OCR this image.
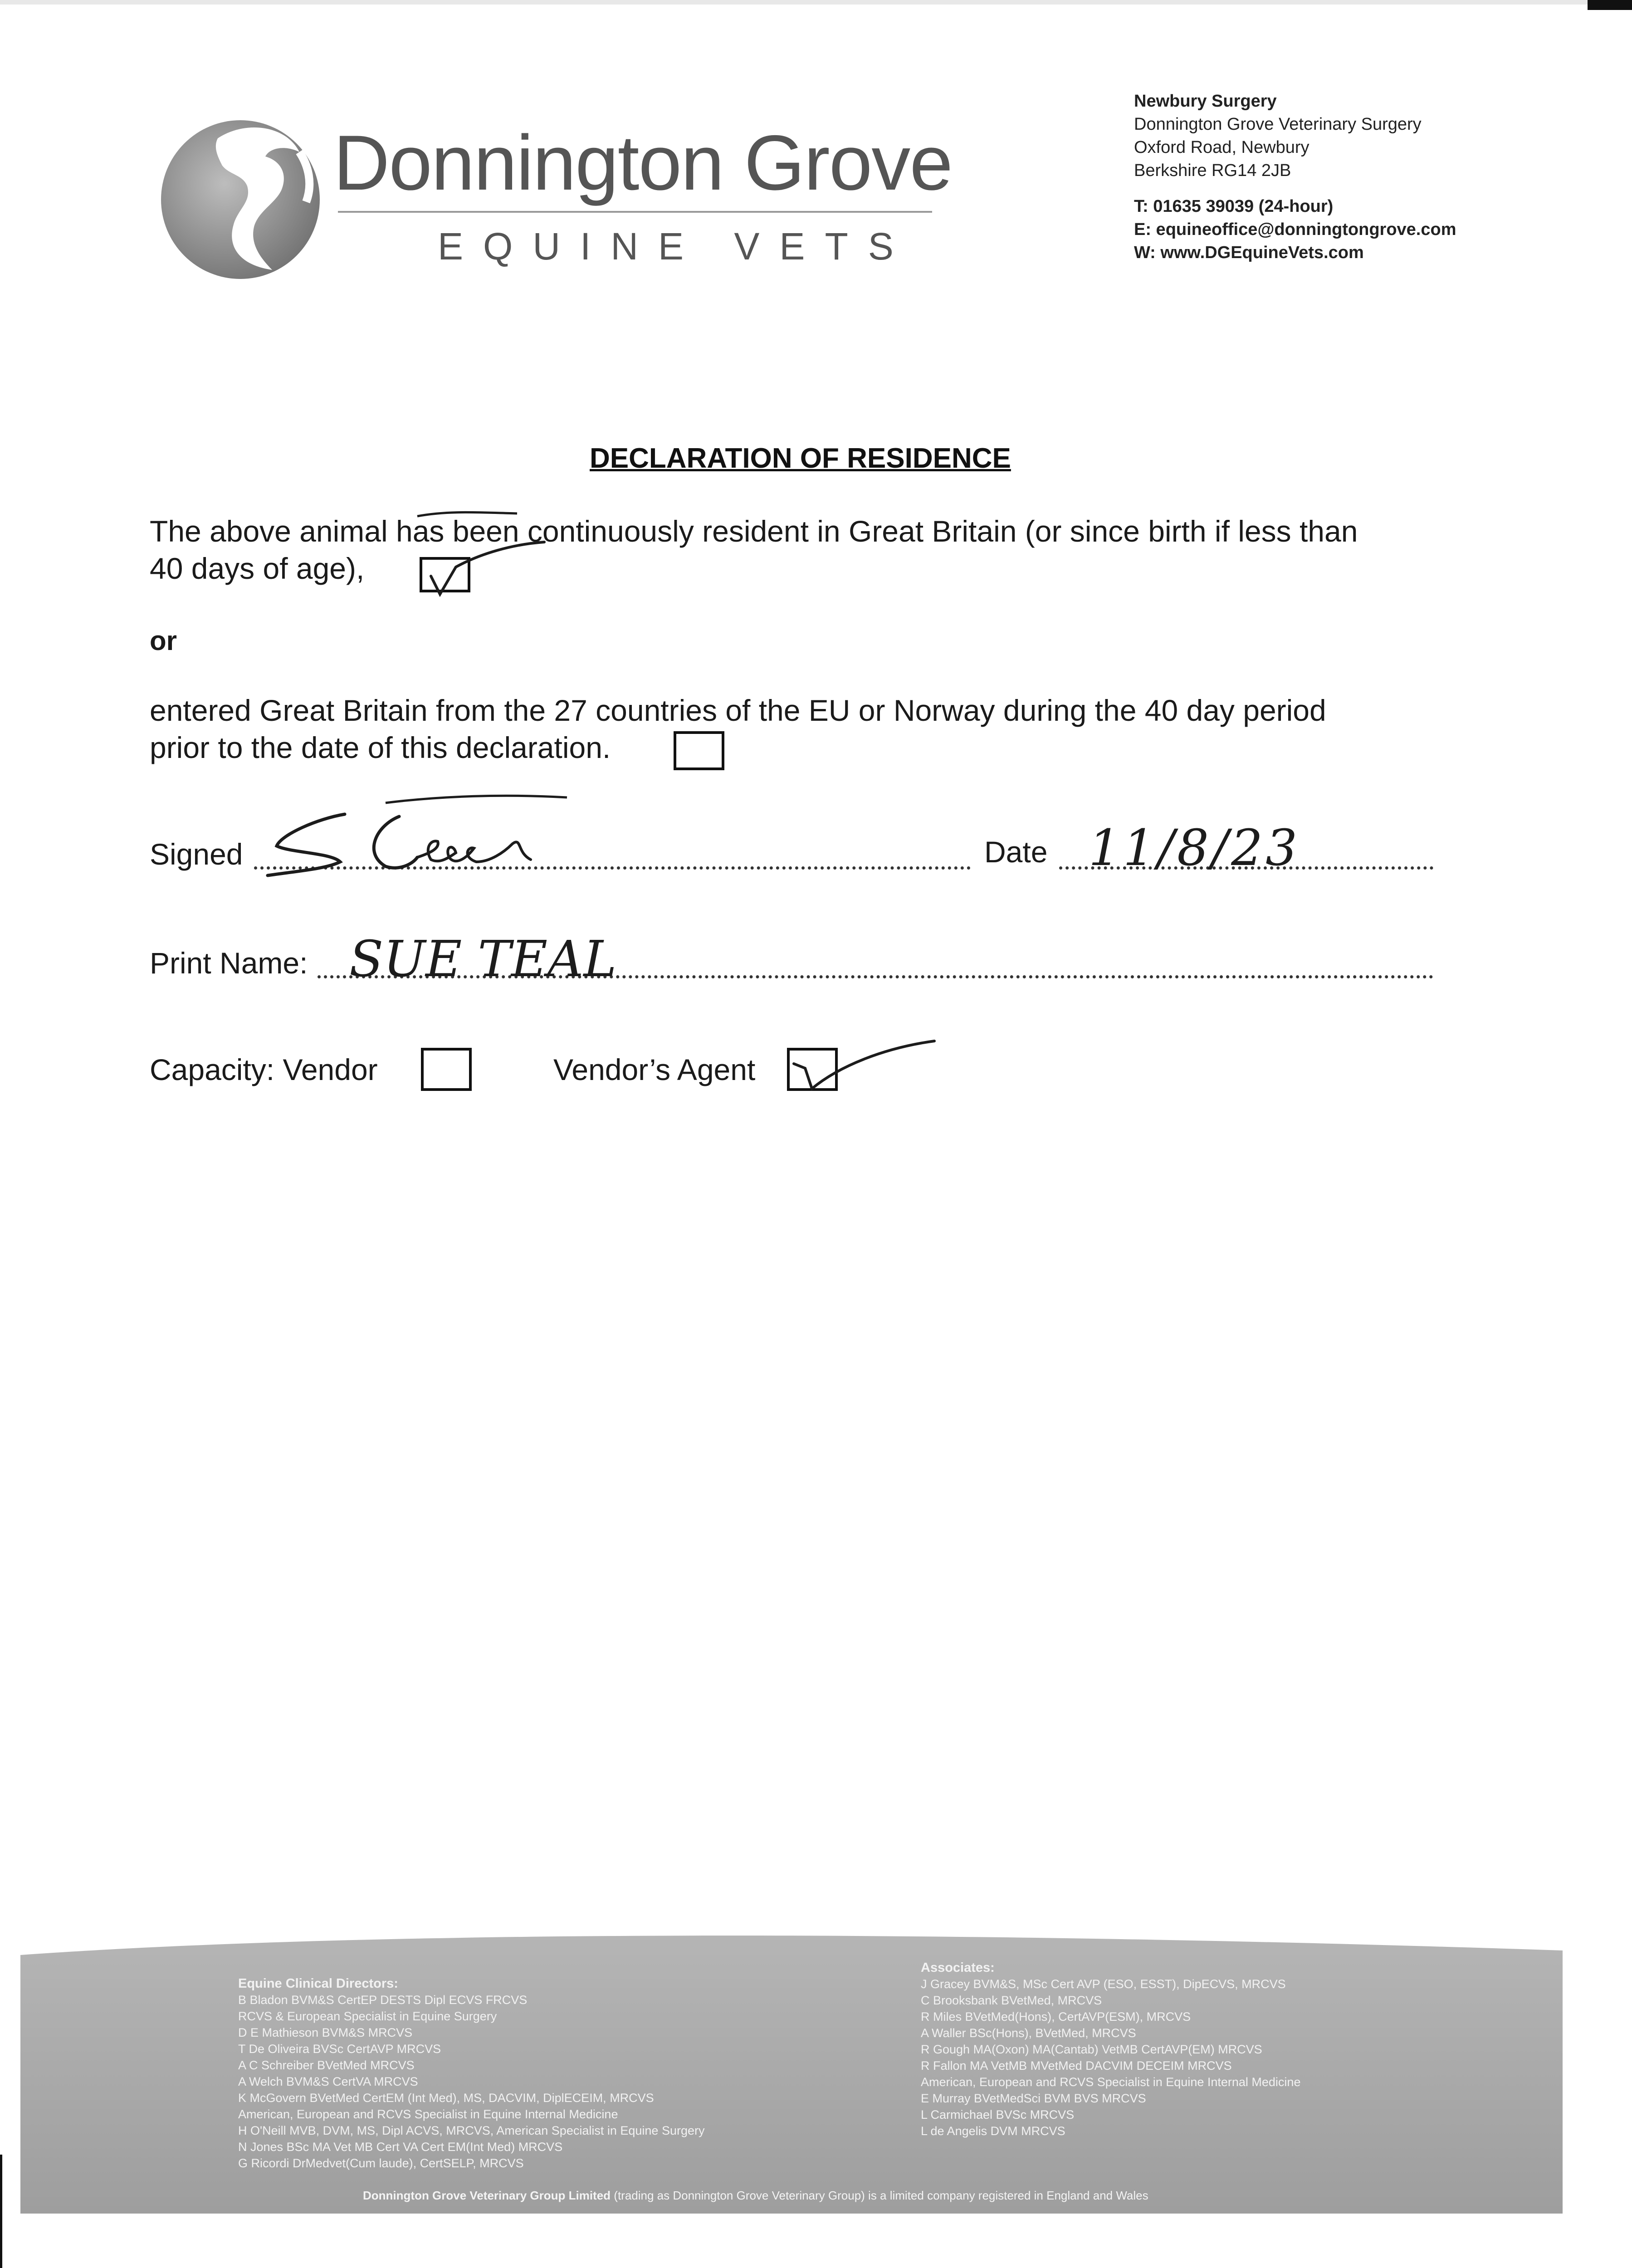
Donnington Grove
EQUINE VETS
Newbury Surgery
Donnington Grove Veterinary Surgery
Oxford Road, Newbury
Berkshire RG14 2JB
T: 01635 39039 (24-hour)
E: equineoffice@donningtongrove.com
W: www.DGEquineVets.com
DECLARATION OF RESIDENCE
The above animal has been continuously resident in Great Britain (or since birth if less than
40 days of age),
or
entered Great Britain from the 27 countries of the EU or Norway during the 40 day period
prior to the date of this declaration.
Signed	Date 11/8/23
Print Name: SUE TEAL
Capacity: Vendor	Vendor’s Agent
Equine Clinical Directors:
B Bladon BVM&S CertEP DESTS Dipl ECVS FRCVS
RCVS & European Specialist in Equine Surgery
D E Mathieson BVM&S MRCVS
T De Oliveira BVSc CertAVP MRCVS
A C Schreiber BVetMed MRCVS
A Welch BVM&S CertVA MRCVS
K McGovern BVetMed CertEM (Int Med), MS, DACVIM, DiplECEIM, MRCVS
American, European and RCVS Specialist in Equine Internal Medicine
H O'Neill MVB, DVM, MS, Dipl ACVS, MRCVS, American Specialist in Equine Surgery
N Jones BSc MA Vet MB Cert VA Cert EM(Int Med) MRCVS
G Ricordi DrMedvet(Cum laude), CertSELP, MRCVS
Associates:
J Gracey BVM&S, MSc Cert AVP (ESO, ESST), DipECVS, MRCVS
C Brooksbank BVetMed, MRCVS
R Miles BVetMed(Hons), CertAVP(ESM), MRCVS
A Waller BSc(Hons), BVetMed, MRCVS
R Gough MA(Oxon) MA(Cantab) VetMB CertAVP(EM) MRCVS
R Fallon MA VetMB MVetMed DACVIM DECEIM MRCVS
American, European and RCVS Specialist in Equine Internal Medicine
E Murray BVetMedSci BVM BVS MRCVS
L Carmichael BVSc MRCVS
L de Angelis DVM MRCVS
Donnington Grove Veterinary Group Limited (trading as Donnington Grove Veterinary Group) is a limited company registered in England and Wales
